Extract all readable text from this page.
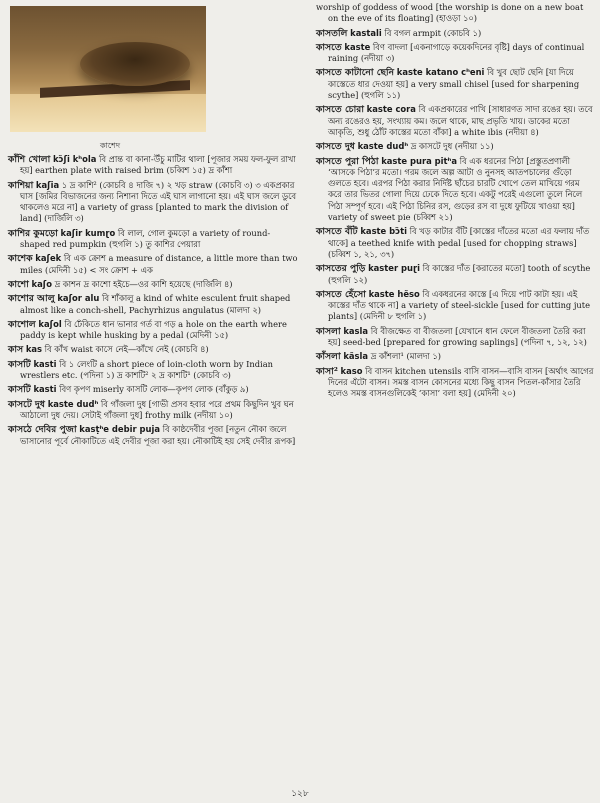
কাশেদ
কাঁশি খোলা kɔ̃ʃi kʰola বি প্রান্ত বা কানা-উঁচু মাটির থালা [পূজার সময় ফল-ফুল রাখা হয়] earthen plate with raised brim (চব্বিশ ১৫) দ্র কাঁশা
কাশিয়া kaʃia ১ দ্র কাশি² (কোচবি ৪ দাজি ৭) ২ খড় straw (কোচবি ৩) ৩ একপ্রকার ঘাস [জমির বিভাজনের জন্য নিশানা দিতে এই ঘাস লাগানো হয়। এই ঘাস জলে ডুবে থাকলেও মরে না] a variety of grass [planted to mark the division of land] (দার্জিলি ৩)
কাশির কুমড়ো kaʃir kumɽo বি লাল, গোল কুমড়ো a variety of round-shaped red pumpkin (হুগলি ১) তু কাশির পেয়ারা
কাশেক kaʃek বি এক ক্রোশ a measure of distance, a little more than two miles (মেদিনী ১৫) < সং ক্রোশ + এক
কাশো kaʃo দ্র কাশন দ্র কাশো হইচে—ওর কাশি হয়েছে (দার্জিলি ৪)
কাশোর আলু kaʃor alu বি শাঁকালু a kind of white esculent fruit shaped almost like a conch-shell, Pachyrhizus angulatus (মালদা ২)
কাশোল kaʃol বি ঢেঁকিতে ধান ভানার গর্ত বা গড় a hole on the earth where paddy is kept while husking by a pedal (মেদিনী ১৫)
কাস kas বি কাঁখ waist কাসে নেই—কাঁখে নেই (কোচবি ৪)
কাসটি kasti বি ১ লেংটি a short piece of loin-cloth worn by Indian wrestlers etc. (পদিনা ১) দ্র কাশটি² ২ দ্র কাশটি¹ (কোচবি ৩)
কাসটি kasti বিণ কৃপণ miserly কাসটি লোক—কৃপণ লোক (বাঁকুড় ৯)
কাসটে দুধ kaste dudʰ বি গাঁজলা দুধ [গাভী প্রসব হবার পরে প্রথম কিছুদিন খুব ঘন আঠালো দুধ দেয়। সেটাই গাঁজলা দুধ] frothy milk (নদীয়া ১০)
কাসঠে দেবির পুজা kasṭʰe debir puja বি কাষ্ঠদেবীর পূজা [নতুন নৌকা জলে ভাসানোর পূর্বে নৌকাটিতে এই দেবীর পূজা করা হয়। নৌকাটিই হয় সেই দেবীর রূপক]
worship of goddess of wood [the worship is done on a new boat on the eve of its floating] (হাওড়া ১০)
কাসতলি kastali বি বগল armpit (কোচবি ১)
কাসতে kaste বিণ বাদলা [একনাগাড়ে কয়েকদিনের বৃষ্টি] days of continual raining (নদীয়া ৩)
কাসতে কাটানো ছেনি kaste katano cʰeni বি খুব ছোট ছেনি [যা দিয়ে কাস্তেতে ধার দেওয়া হয়] a very small chisel [used for sharpening scythe] (হুগলি ১১)
কাসতে চোরা kaste cora বি একপ্রকারের পাখি [সাধারণত সাদা রঙের হয়। তবে অন্য রঙেরও হয়, সংখ্যায় কম। জলে থাকে, মাছ প্রভৃতি খায়। ডাকের মতো আকৃতি, শুধু ঠোঁট কাস্তের মতো বাঁকা] a white ibis (নদীয়া ৪)
কাসতে দুধ kaste dudʰ দ্র কাসটে দুধ (নদীয়া ১১)
কাসতে পুরা পিঠা kaste pura pitʰa বি এক ধরনের পিঠা [প্রস্তুতপ্রণালী ‘আসকে পিঠা’র মতো। গরম জলে অল্প আটা ও নুনসহ আতপচালের গুঁড়ো গুলতে হবে। এরপর পিঠা করার নির্দিষ্ট ছাঁচের চারটি খোপে তেল মাখিয়ে গরম করে তার ভিতর গোলা দিয়ে ঢেকে দিতে হবে। একটু পরেই এগুলো তুলে নিলে পিঠা সম্পূর্ণ হবে। এই পিঠা চিনির রস, গুড়ের রস বা দুধে ফুটিয়ে খাওয়া হয়] variety of sweet pie (চব্বিশ ২১)
কাসতে বঁটি kaste bɔ̃ti বি খড় কাটার বঁটি [কাস্তের দাঁতের মতো এর ফলায় দাঁত থাকে] a teethed knife with pedal [used for chopping straws] (চব্বিশ ১, ২১, ৩৭)
কাসতের পুড়ি kaster puɽi বি কাস্তের দাঁত [করাতের মতো] tooth of scythe (হুগলি ১২)
কাসতে হেঁসো kaste hẽso বি একধরনের কাস্তে [এ দিয়ে পাট কাটা হয়। এই কাস্তের দাঁত থাকে না] a variety of steel-sickle [used for cutting jute plants] (মেদিনী ৮ হুগলি ১)
কাসলা kasla বি বীজক্ষেত বা বীজতলা [যেখানে ধান ফেলে বীজতলা তৈরি করা হয়] seed-bed [prepared for growing saplings] (পদিনা ৭, ১২, ১২)
কাঁসলা kãsla দ্র কাঁশলা¹ (মালদা ১)
কাসা² kaso বি বাসন kitchen utensils বাসি বাসন—বাসি বাসন [অর্থাৎ আগের দিনের এঁটো বাসন। সমস্ত বাসন কোসনের মধ্যে কিছু বাসন পিতল-কাঁসার তৈরি হলেও সমস্ত বাসনগুলিকেই ‘কাসা’ বলা হয়] (মেদিনী ২০)
১২৮
